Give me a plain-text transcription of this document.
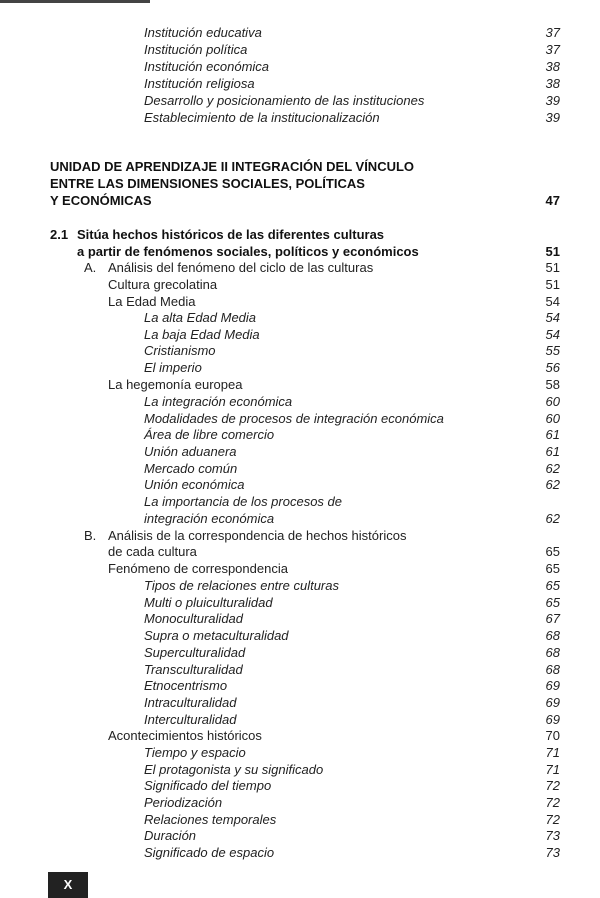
Institución educativa	37
Institución política	37
Institución económica	38
Institución religiosa	38
Desarrollo y posicionamiento de las instituciones	39
Establecimiento de la institucionalización	39
UNIDAD DE APRENDIZAJE II INTEGRACIÓN DEL VÍNCULO
ENTRE LAS DIMENSIONES SOCIALES, POLÍTICAS
Y ECONÓMICAS	47
2.1 Sitúa hechos históricos de las diferentes culturas
a partir de fenómenos sociales, políticos y económicos	51
A. Análisis del fenómeno del ciclo de las culturas	51
Cultura grecolatina	51
La Edad Media	54
La alta Edad Media	54
La baja Edad Media	54
Cristianismo	55
El imperio	56
La hegemonía europea	58
La integración económica	60
Modalidades de procesos de integración económica	60
Área de libre comercio	61
Unión aduanera	61
Mercado común	62
Unión económica	62
La importancia de los procesos de
integración económica	62
B. Análisis de la correspondencia de hechos históricos
de cada cultura	65
Fenómeno de correspondencia	65
Tipos de relaciones entre culturas	65
Multi o pluiculturalidad	65
Monoculturalidad	67
Supra o metaculturalidad	68
Superculturalidad	68
Transculturalidad	68
Etnocentrismo	69
Intraculturalidad	69
Interculturalidad	69
Acontecimientos históricos	70
Tiempo y espacio	71
El protagonista y su significado	71
Significado del tiempo	72
Periodización	72
Relaciones temporales	72
Duración	73
Significado de espacio	73
X
